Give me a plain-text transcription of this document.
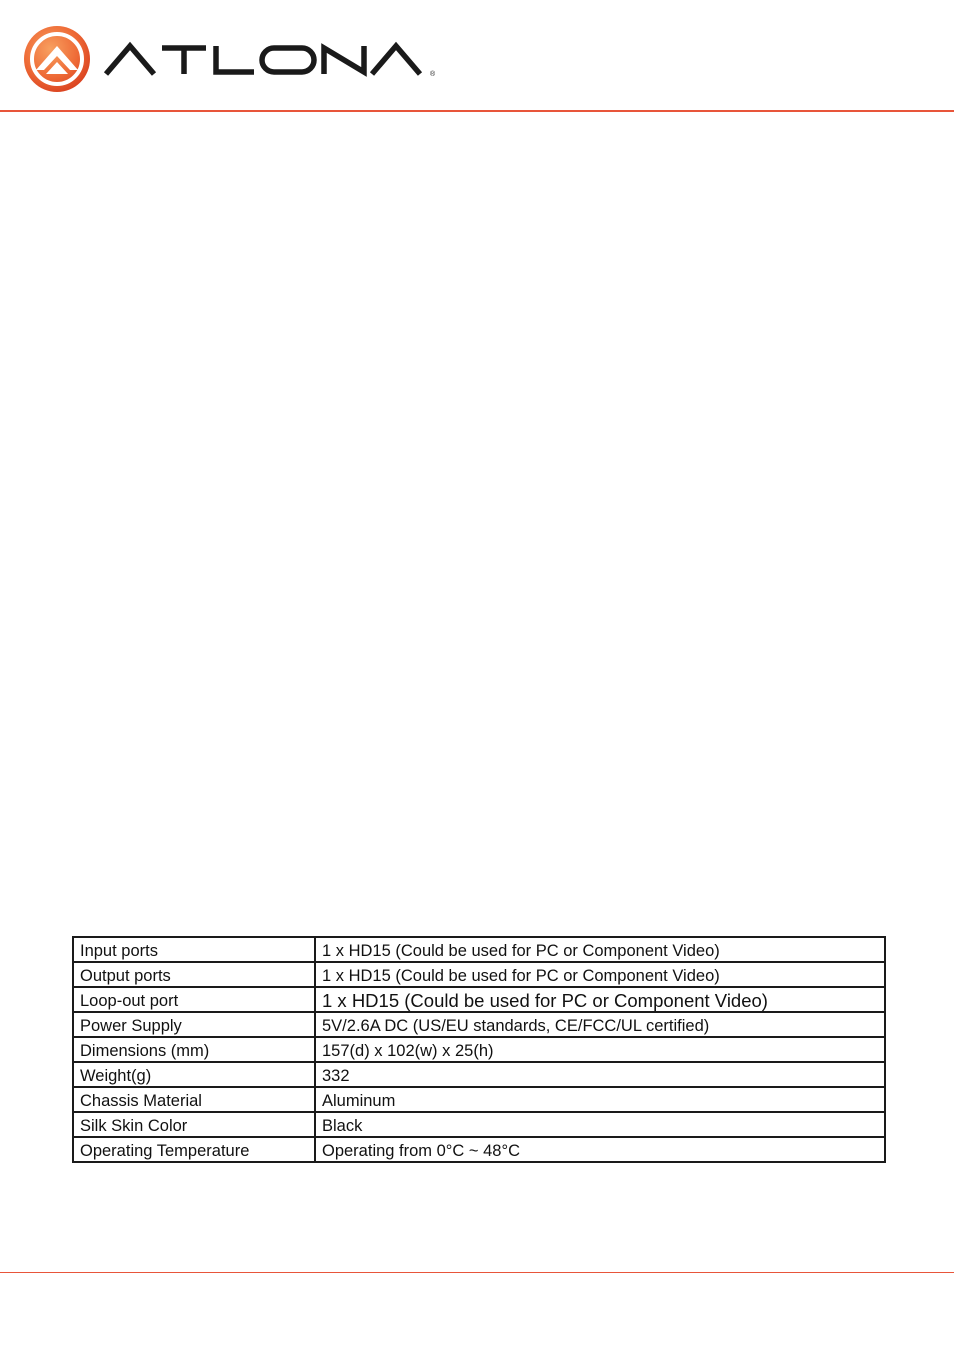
®
Input ports	1 x HD15 (Could be used for PC or Component Video)
Output ports	1 x HD15 (Could be used for PC or Component Video)
Loop-out port	1 x HD15 (Could be used for PC or Component Video)
Power Supply	5V/2.6A DC (US/EU standards, CE/FCC/UL certified)
Dimensions (mm)	157(d) x 102(w) x 25(h)
Weight(g)	332
Chassis Material	Aluminum
Silk Skin Color	Black
Operating Temperature	Operating from 0°C ~ 48°C
